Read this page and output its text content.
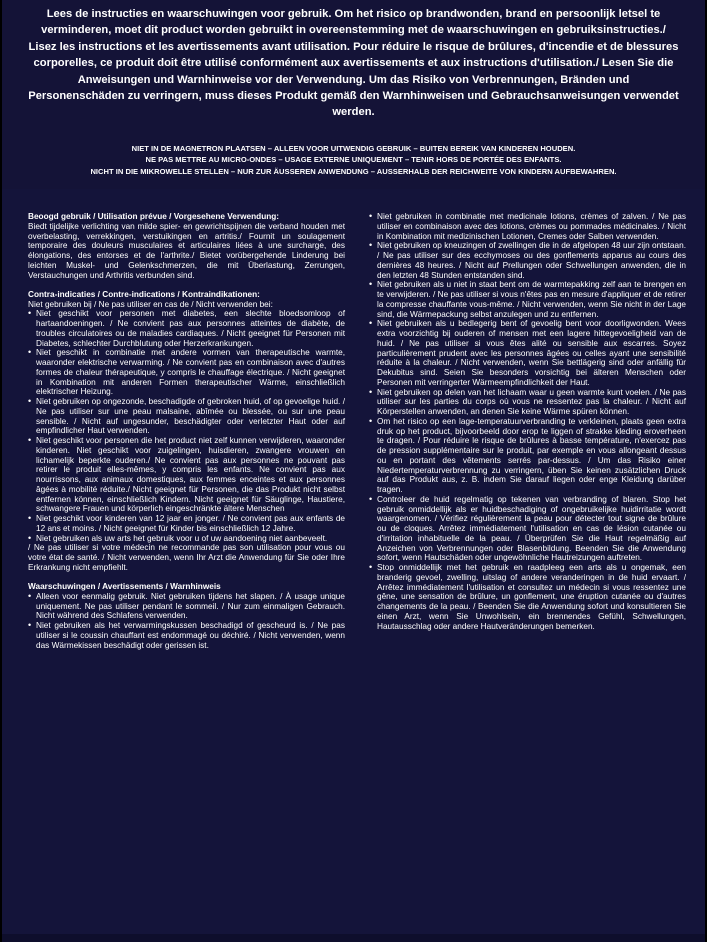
Lees de instructies en waarschuwingen voor gebruik. Om het risico op brandwonden, brand en persoonlijk letsel te verminderen, moet dit product worden gebruikt in overeenstemming met de waarschuwingen en gebruiksinstructies./ Lisez les instructions et les avertissements avant utilisation. Pour réduire le risque de brûlures, d'incendie et de blessures corporelles, ce produit doit être utilisé conformément aux avertissements et aux instructions d'utilisation./ Lesen Sie die Anweisungen und Warnhinweise vor der Verwendung. Um das Risiko von Verbrennungen, Bränden und Personenschäden zu verringern, muss dieses Produkt gemäß den Warnhinweisen und Gebrauchsanweisungen verwendet werden.
NIET IN DE MAGNETRON PLAATSEN – ALLEEN VOOR UITWENDIG GEBRUIK – BUITEN BEREIK VAN KINDEREN HOUDEN.
NE PAS METTRE AU MICRO-ONDES – USAGE EXTERNE UNIQUEMENT – TENIR HORS DE PORTÉE DES ENFANTS.
NICHT IN DIE MIKROWELLE STELLEN – NUR ZUR ÄUSSEREN ANWENDUNG – AUSSERHALB DER REICHWEITE VON KINDERN AUFBEWAHREN.
Beoogd gebruik / Utilisation prévue / Vorgesehene Verwendung:

Biedt tijdelijke verlichting van milde spier- en gewrichtspijnen die verband houden met overbelasting, verrekkingen, verstuikingen en artritis./ Fournit un soulagement temporaire des douleurs musculaires et articulaires liées à une surcharge, des élongations, des entorses et de l'arthrite./ Bietet vorübergehende Linderung bei leichten Muskel- und Gelenkschmerzen, die mit Überlastung, Zerrungen, Verstauchungen und Arthritis verbunden sind.

Contra-indicaties / Contre-indications / Kontraindikationen:
Niet gebruiken bij / Ne pas utiliser en cas de / Nicht verwenden bei:
• Niet geschikt voor personen met diabetes, een slechte bloedsomloop of hartaandoeningen. / Ne convient pas aux personnes atteintes de diabète, de troubles circulatoires ou de maladies cardiaques. / Nicht geeignet für Personen mit Diabetes, schlechter Durchblutung oder Herzerkrankungen.
• Niet geschikt in combinatie met andere vormen van therapeutische warmte, waaronder elektrische verwarming. / Ne convient pas en combinaison avec d'autres formes de chaleur thérapeutique, y compris le chauffage électrique. / Nicht geeignet in Kombination mit anderen Formen therapeutischer Wärme, einschließlich elektrischer Heizung.
• Niet gebruiken op ongezonde, beschadigde of gebroken huid, of op gevoelige huid. / Ne pas utiliser sur une peau malsaine, abîmée ou blessée, ou sur une peau sensible. / Nicht auf ungesunder, beschädigter oder verletzter Haut oder auf empfindlicher Haut verwenden.
• Niet geschikt voor personen die het product niet zelf kunnen verwijderen, waaronder kinderen. Niet geschikt voor zuigelingen, huisdieren, zwangere vrouwen en lichamelijk beperkte ouderen./ Ne convient pas aux personnes ne pouvant pas retirer le produit elles-mêmes, y compris les enfants. Ne convient pas aux nourrissons, aux animaux domestiques, aux femmes enceintes et aux personnes âgées à mobilité réduite./ Nicht geeignet für Personen, die das Produkt nicht selbst entfernen können, einschließlich Kindern. Nicht geeignet für Säuglinge, Haustiere, schwangere Frauen und körperlich eingeschränkte ältere Menschen
• Niet geschikt voor kinderen van 12 jaar en jonger. / Ne convient pas aux enfants de 12 ans et moins. / Nicht geeignet für Kinder bis einschließlich 12 Jahre.
• Niet gebruiken als uw arts het gebruik voor u of uw aandoening niet aanbeveelt.

/ Ne pas utiliser si votre médecin ne recommande pas son utilisation pour vous ou votre état de santé. / Nicht verwenden, wenn Ihr Arzt die Anwendung für Sie oder Ihre Erkrankung nicht empfiehlt.

Waarschuwingen / Avertissements / Warnhinweis
• Alleen voor eenmalig gebruik. Niet gebruiken tijdens het slapen. / À usage unique uniquement. Ne pas utiliser pendant le sommeil. / Nur zum einmaligen Gebrauch. Nicht während des Schlafens verwenden.
• Niet gebruiken als het verwarmingskussen beschadigd of gescheurd is. / Ne pas utiliser si le coussin chauffant est endommagé ou déchiré. / Nicht verwenden, wenn das Wärmekissen beschädigt oder gerissen ist.
• Niet gebruiken in combinatie met medicinale lotions, crèmes of zalven. / Ne pas utiliser en combinaison avec des lotions, crèmes ou pommades médicinales. / Nicht in Kombination mit medizinischen Lotionen, Cremes oder Salben verwenden.
• Niet gebruiken op kneuzingen of zwellingen die in de afgelopen 48 uur zijn ontstaan. / Ne pas utiliser sur des ecchymoses ou des gonflements apparus au cours des dernières 48 heures. / Nicht auf Prellungen oder Schwellungen anwenden, die in den letzten 48 Stunden entstanden sind.
• Niet gebruiken als u niet in staat bent om de warmtepakking zelf aan te brengen en te verwijderen. / Ne pas utiliser si vous n'êtes pas en mesure d'appliquer et de retirer la compresse chauffante vous-même. / Nicht verwenden, wenn Sie nicht in der Lage sind, die Wärmepackung selbst anzulegen und zu entfernen.
• Niet gebruiken als u bedlegerig bent of gevoelig bent voor doorligwonden. Wees extra voorzichtig bij ouderen of mensen met een lagere hittegevoeligheid van de huid. / Ne pas utiliser si vous êtes alité ou sensible aux escarres. Soyez particulièrement prudent avec les personnes âgées ou celles ayant une sensibilité réduite à la chaleur. / Nicht verwenden, wenn Sie bettlägerig sind oder anfällig für Dekubitus sind. Seien Sie besonders vorsichtig bei älteren Menschen oder Personen mit verringerter Wärmeempfindlichkeit der Haut.
• Niet gebruiken op delen van het lichaam waar u geen warmte kunt voelen. / Ne pas utiliser sur les parties du corps où vous ne ressentez pas la chaleur. / Nicht auf Körperstellen anwenden, an denen Sie keine Wärme spüren können.
• Om het risico op een lage-temperatuurverbranding te verkleinen, plaats geen extra druk op het product, bijvoorbeeld door erop te liggen of strakke kleding eroverheen te dragen. / Pour réduire le risque de brûlures à basse température, n'exercez pas de pression supplémentaire sur le produit, par exemple en vous allongeant dessus ou en portant des vêtements serrés par-dessus. / Um das Risiko einer Niedertemperaturverbrennung zu verringern, üben Sie keinen zusätzlichen Druck auf das Produkt aus, z. B. indem Sie darauf liegen oder enge Kleidung darüber tragen.
• Controleer de huid regelmatig op tekenen van verbranding of blaren. Stop het gebruik onmiddellijk als er huidbeschadiging of ongebruikelijke huidirritatie wordt waargenomen. / Vérifiez régulièrement la peau pour détecter tout signe de brûlure ou de cloques. Arrêtez immédiatement l'utilisation en cas de lésion cutanée ou d'irritation inhabituelle de la peau. / Überprüfen Sie die Haut regelmäßig auf Anzeichen von Verbrennungen oder Blasenbildung. Beenden Sie die Anwendung sofort, wenn Hautschäden oder ungewöhnliche Hautreizungen auftreten.
• Stop onmiddellijk met het gebruik en raadpleeg een arts als u ongemak, een branderig gevoel, zwelling, uitslag of andere veranderingen in de huid ervaart. / Arrêtez immédiatement l'utilisation et consultez un médecin si vous ressentez une gêne, une sensation de brûlure, un gonflement, une éruption cutanée ou d'autres changements de la peau. / Beenden Sie die Anwendung sofort und konsultieren Sie einen Arzt, wenn Sie Unwohlsein, ein brennendes Gefühl, Schwellungen, Hautausschlag oder andere Hautveränderungen bemerken.
